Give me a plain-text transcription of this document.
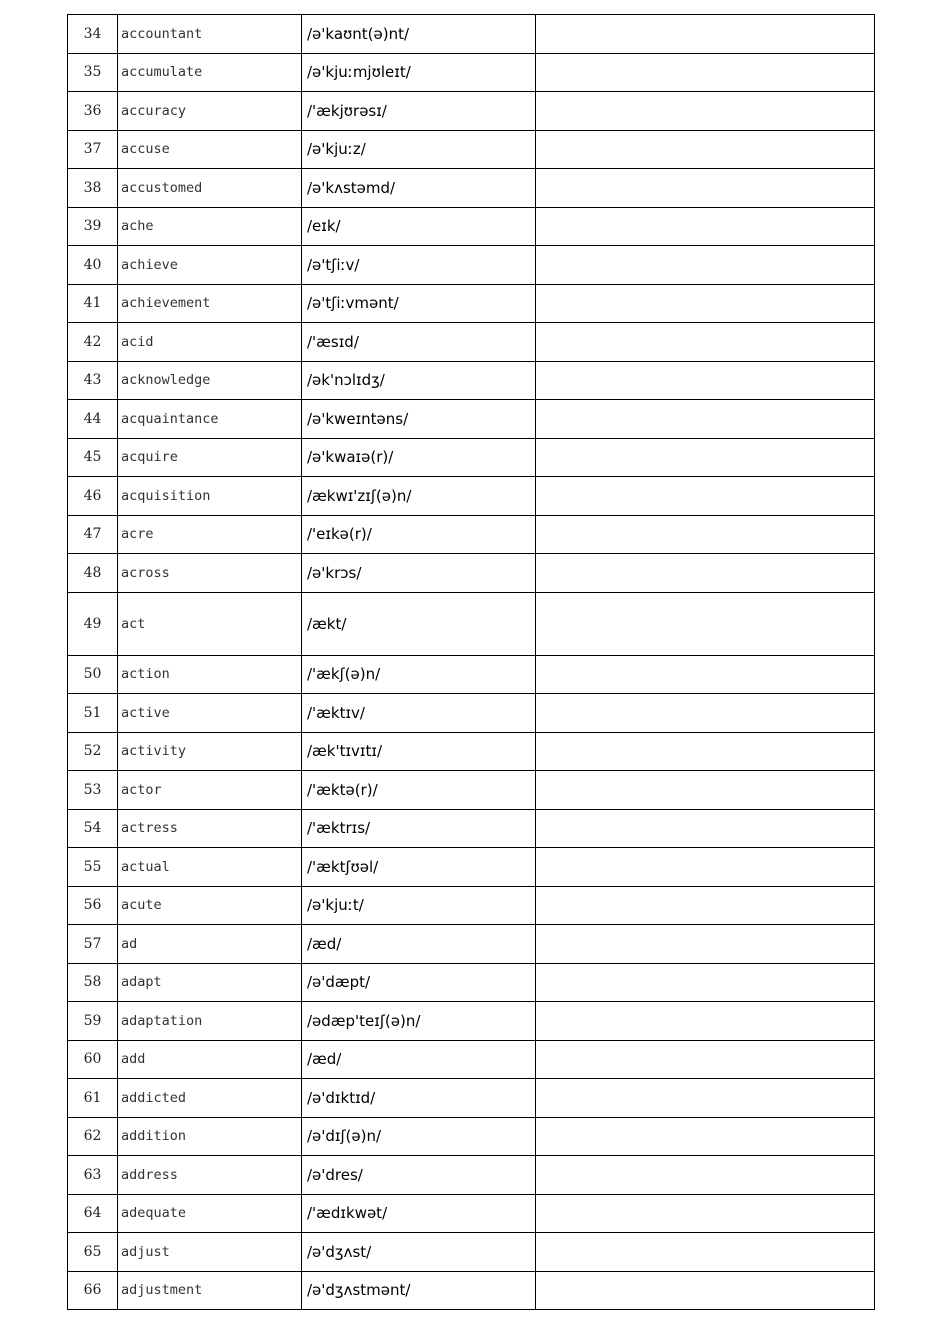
34	accountant	/ə'kaʊnt(ə)nt/	
35	accumulate	/ə'kjuːmjʊleɪt/	
36	accuracy	/'ækjʊrəsɪ/	
37	accuse	/ə'kjuːz/	
38	accustomed	/ə'kʌstəmd/	
39	ache	/eɪk/	
40	achieve	/ə'tʃiːv/	
41	achievement	/ə'tʃiːvmənt/	
42	acid	/'æsɪd/	
43	acknowledge	/ək'nɔlɪdʒ/	
44	acquaintance	/ə'kweɪntəns/	
45	acquire	/ə'kwaɪə(r)/	
46	acquisition	/ækwɪ'zɪʃ(ə)n/	
47	acre	/'eɪkə(r)/	
48	across	/ə'krɔs/	
49	act	/ækt/	
50	action	/'ækʃ(ə)n/	
51	active	/'æktɪv/	
52	activity	/æk'tɪvɪtɪ/	
53	actor	/'æktə(r)/	
54	actress	/'æktrɪs/	
55	actual	/'æktʃʊəl/	
56	acute	/ə'kjuːt/	
57	ad	/æd/	
58	adapt	/ə'dæpt/	
59	adaptation	/ədæp'teɪʃ(ə)n/	
60	add	/æd/	
61	addicted	/ə'dɪktɪd/	
62	addition	/ə'dɪʃ(ə)n/	
63	address	/ə'dres/	
64	adequate	/'ædɪkwət/	
65	adjust	/ə'dʒʌst/	
66	adjustment	/ə'dʒʌstmənt/	
